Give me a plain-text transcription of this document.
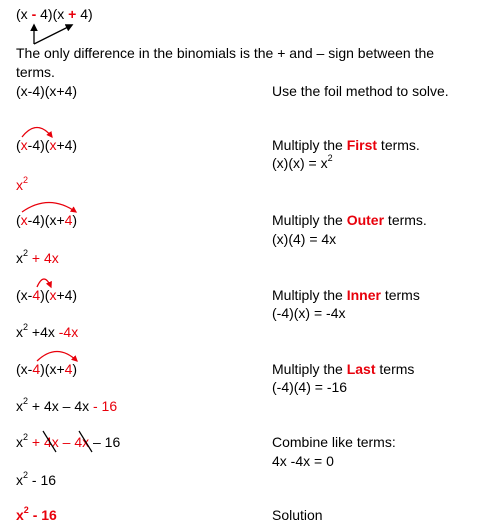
(x - 4)(x + 4)
The only difference in the binomials is the + and – sign between the
terms.
(x-4)(x+4)	Use the foil method to solve.
(x-4)(x+4)	Multiply the First terms.
$(x)(x) = x^2$
$x^2$
(x-4)(x+4)	Multiply the Outer terms.
(x)(4) = 4x
$x^2 + 4x$
(x-4)(x+4)	Multiply the Inner terms
(-4)(x) = -4x
$x^2 +4x$ -4x
(x-4)(x+4)	Multiply the Last terms
(-4)(4) = -16
$x^2 + 4x - 4x - 16$
$x^2 + 4x - 4x - 16$	Combine like terms:
4x -4x = 0
$x^2 - 16$
$x^2 - 16$	Solution
